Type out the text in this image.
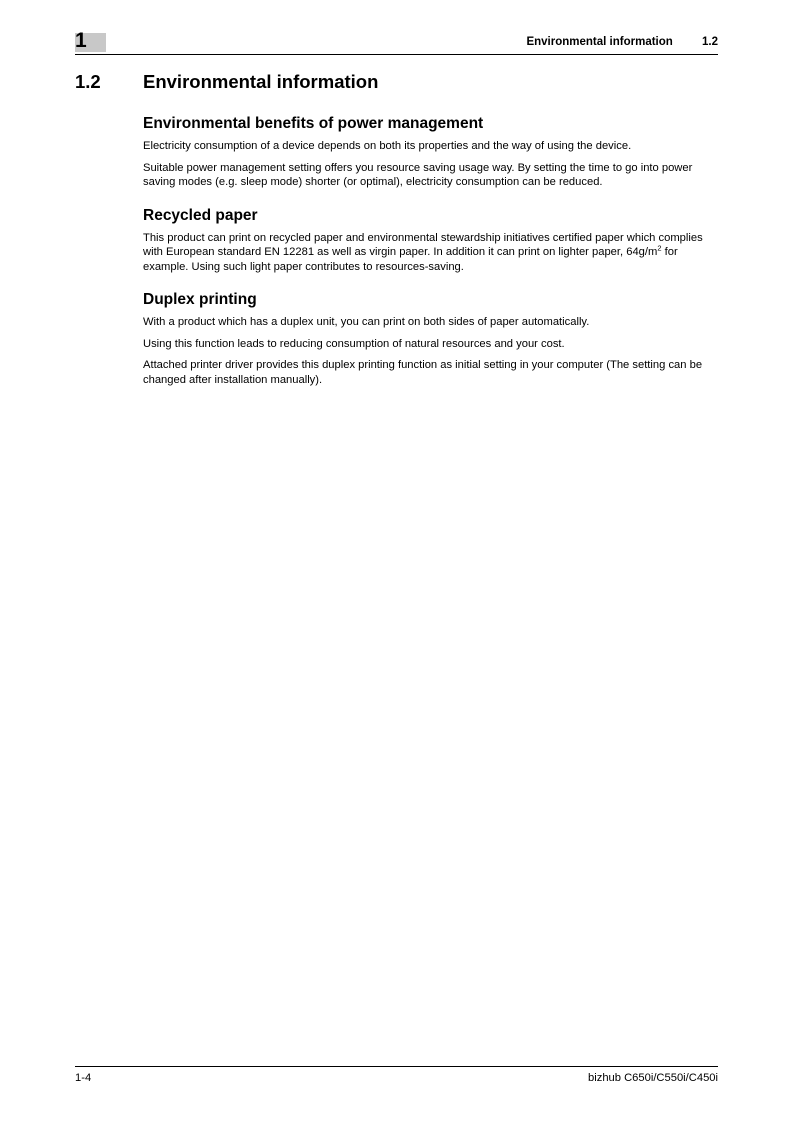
1	Environmental information	1.2
1.2 Environmental information
Environmental benefits of power management

Electricity consumption of a device depends on both its properties and the way of using the device.

Suitable power management setting offers you resource saving usage way. By setting the time to go into power saving modes (e.g. sleep mode) shorter (or optimal), electricity consumption can be reduced.

Recycled paper

This product can print on recycled paper and environmental stewardship initiatives certified paper which complies with European standard EN 12281 as well as virgin paper. In addition it can print on lighter paper, $64g/m^2$ for example. Using such light paper contributes to resources-saving.

Duplex printing

With a product which has a duplex unit, you can print on both sides of paper automatically.

Using this function leads to reducing consumption of natural resources and your cost.

Attached printer driver provides this duplex printing function as initial setting in your computer (The setting can be changed after installation manually).

1-4	bizhub C650i/C550i/C450i
